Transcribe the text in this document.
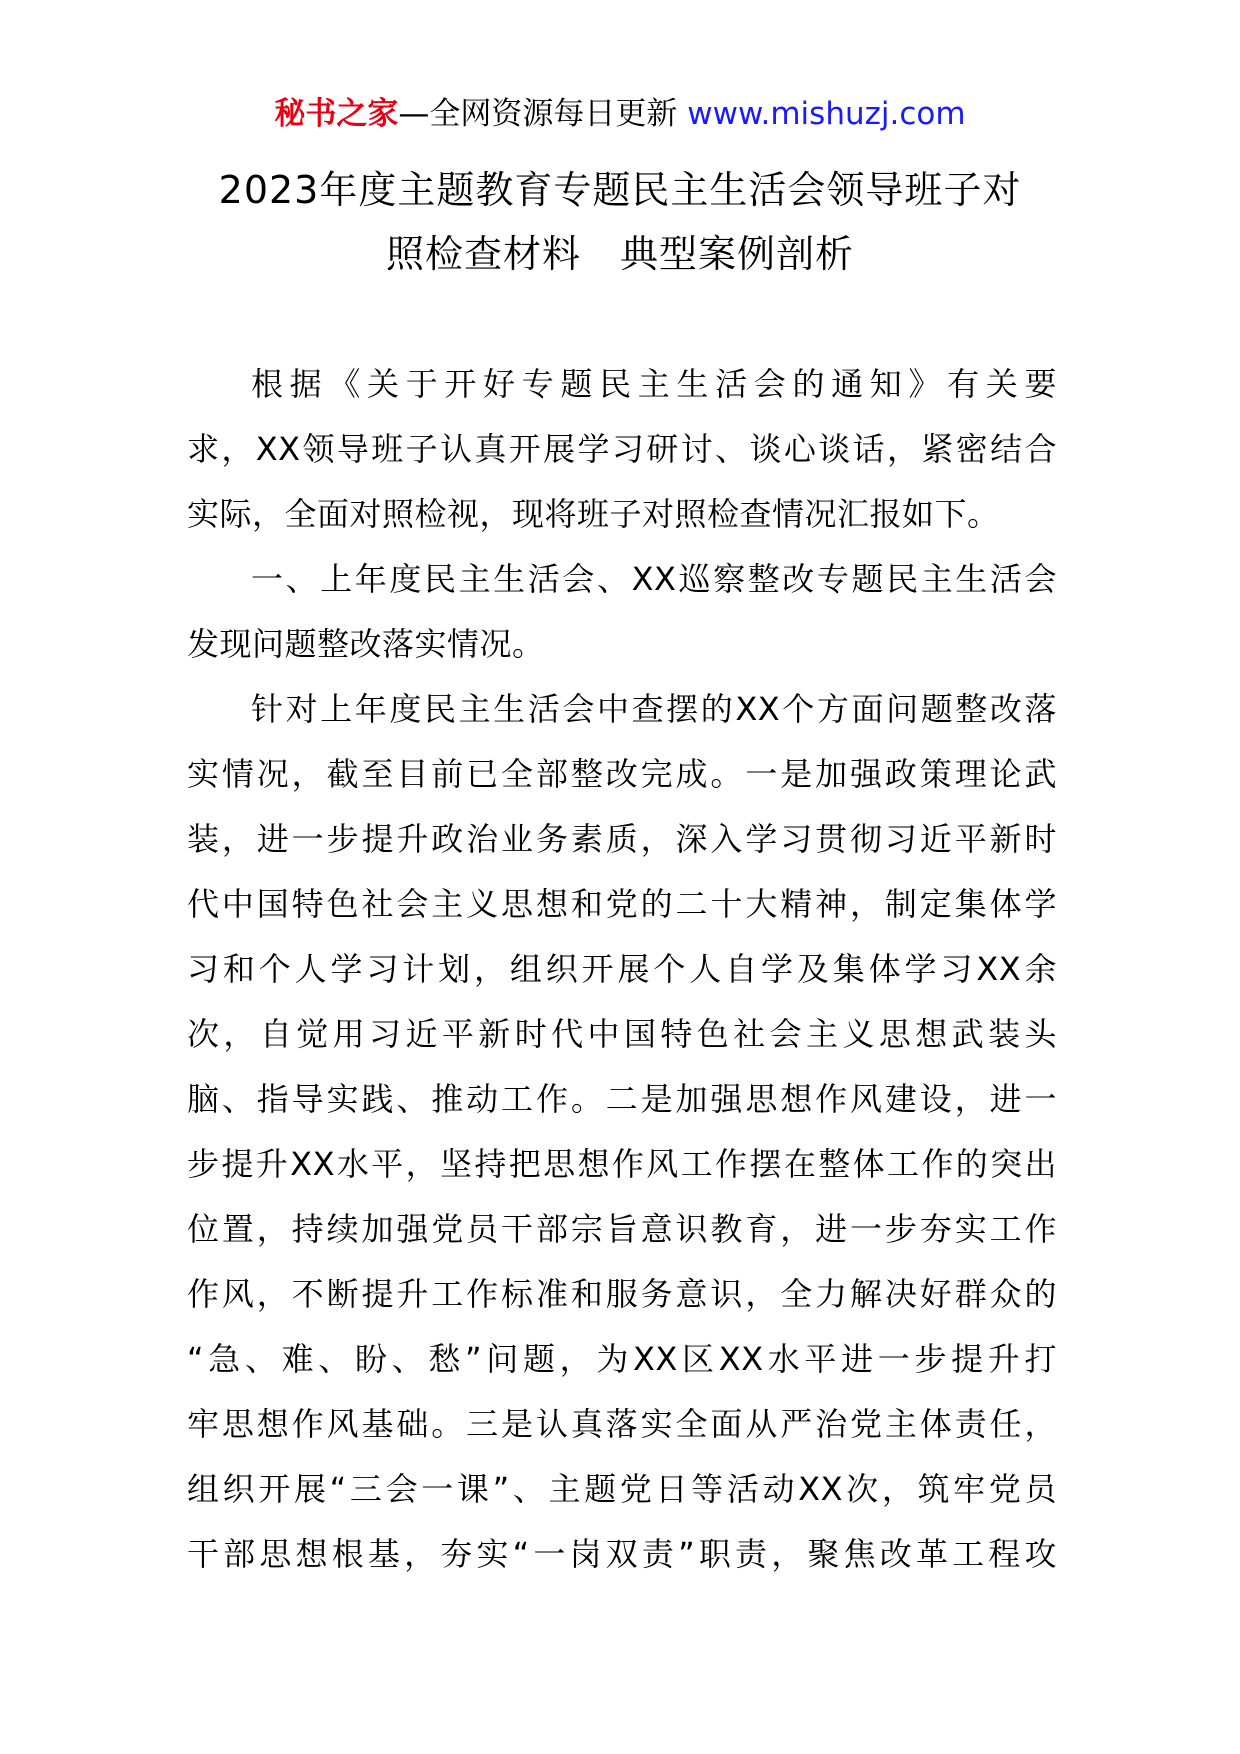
秘书之家—全网资源每日更新 www.mishuzj.com
2023年度主题教育专题民主生活会领导班子对
照检查材料　典型案例剖析
根据《关于开好专题民主生活会的通知》有关要
求，XX领导班子认真开展学习研讨、谈心谈话，紧密结合
实际，全面对照检视，现将班子对照检查情况汇报如下。
一、上年度民主生活会、XX巡察整改专题民主生活会
发现问题整改落实情况。
针对上年度民主生活会中查摆的XX个方面问题整改落
实情况，截至目前已全部整改完成。一是加强政策理论武
装，进一步提升政治业务素质，深入学习贯彻习近平新时
代中国特色社会主义思想和党的二十大精神，制定集体学
习和个人学习计划，组织开展个人自学及集体学习XX余
次，自觉用习近平新时代中国特色社会主义思想武装头
脑、指导实践、推动工作。二是加强思想作风建设，进一
步提升XX水平，坚持把思想作风工作摆在整体工作的突出
位置，持续加强党员干部宗旨意识教育，进一步夯实工作
作风，不断提升工作标准和服务意识，全力解决好群众的
“急、难、盼、愁”问题，为XX区XX水平进一步提升打
牢思想作风基础。三是认真落实全面从严治党主体责任，
组织开展“三会一课”、主题党日等活动XX次，筑牢党员
干部思想根基，夯实“一岗双责”职责，聚焦改革工程攻
